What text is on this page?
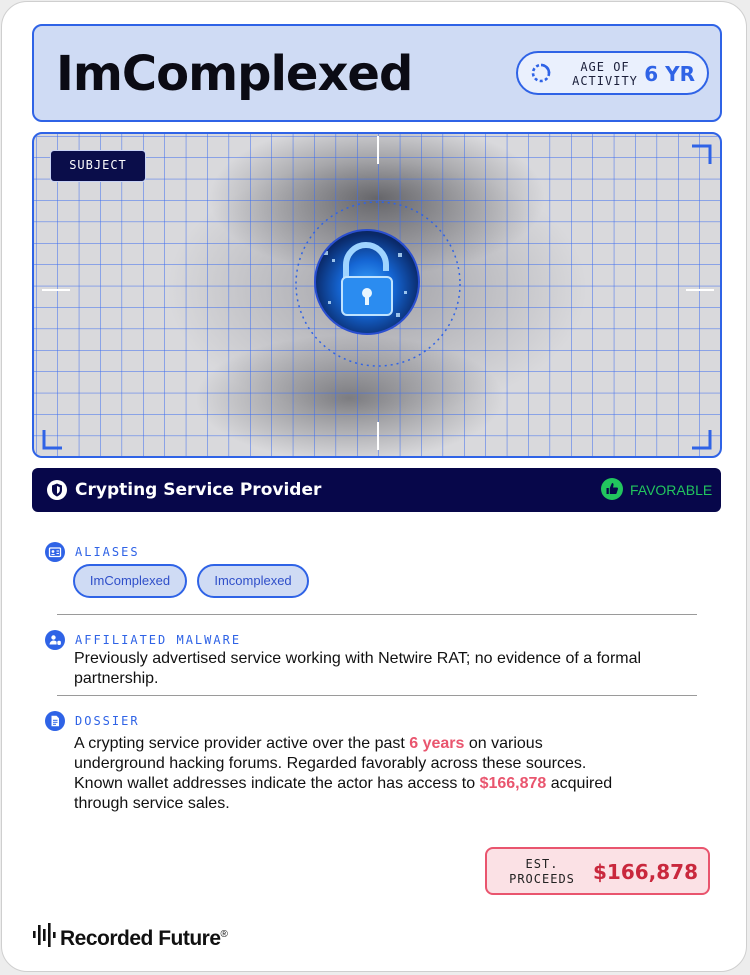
ImComplexed	AGE OF
ACTIVITY 6 YR
SUBJECT
Crypting Service Provider	FAVORABLE
ALIASES
ImComplexed	Imcomplexed
AFFILIATED MALWARE
Previously advertised service working with Netwire RAT; no evidence of a formal partnership.
DOSSIER
A crypting service provider active over the past 6 years on various underground hacking forums. Regarded favorably across these sources. Known wallet addresses indicate the actor has access to $166,878 acquired through service sales.
EST.
PROCEEDS $166,878
Recorded Future®
